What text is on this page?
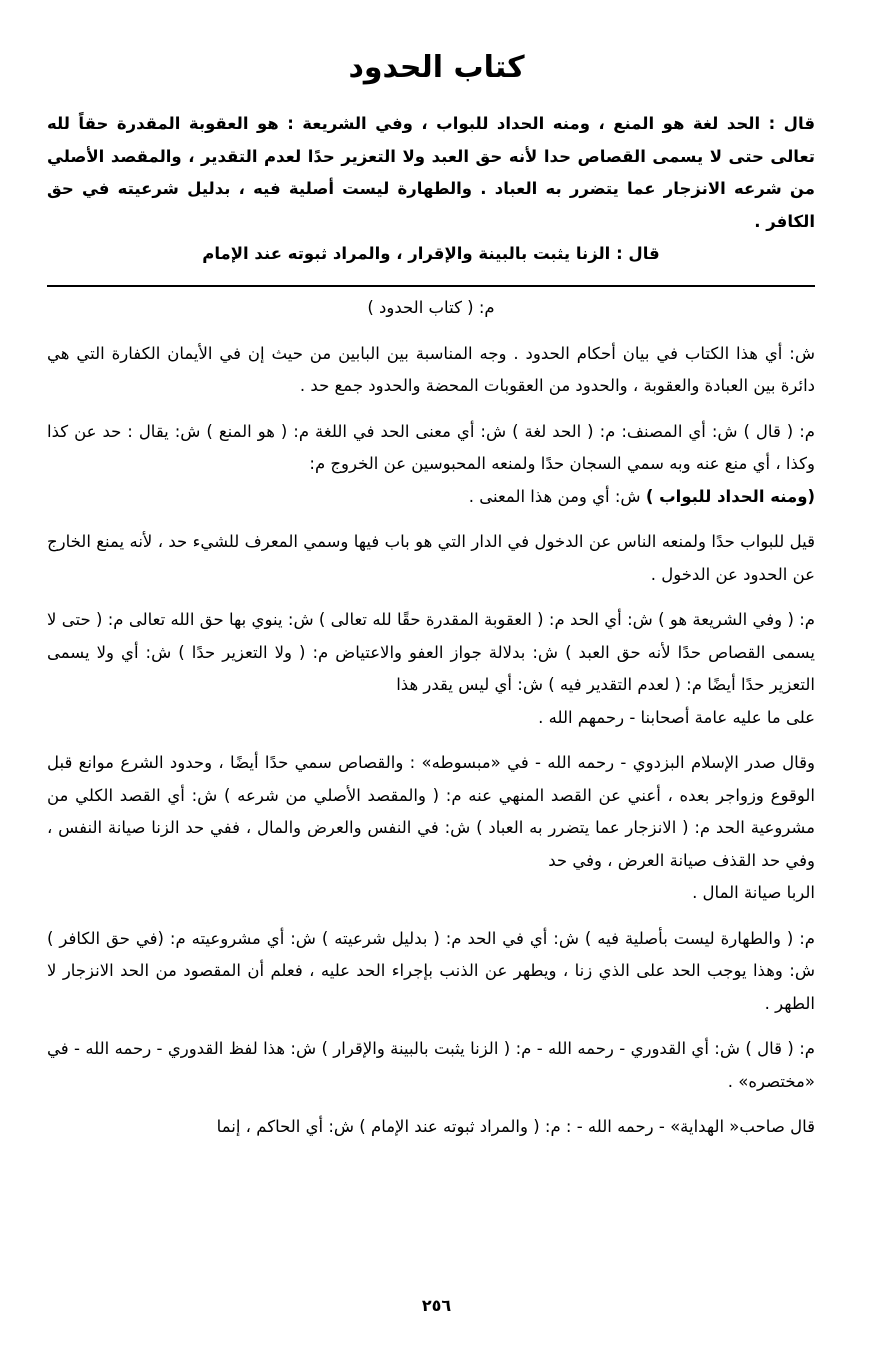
كتاب الحدود
قال : الحد لغة هو المنع ، ومنه الحداد للبواب ، وفي الشريعة : هو العقوبة المقدرة حقاً لله تعالى حتى لا يسمى القصاص حدا لأنه حق العبد ولا التعزير حدًا لعدم التقدير ، والمقصد الأصلي من شرعه الانزجار عما يتضرر به العباد . والطهارة ليست أصلية فيه ، بدليل شرعيته في حق الكافر .
قال : الزنا يثبت بالبينة والإقرار ، والمراد ثبوته عند الإمام

م: ( كتاب الحدود )

ش: أي هذا الكتاب في بيان أحكام الحدود . وجه المناسبة بين البابين من حيث إن في الأيمان الكفارة التي هي دائرة بين العبادة والعقوبة ، والحدود من العقوبات المحضة والحدود جمع حد .

م: ( قال ) ش: أي المصنف: م: ( الحد لغة ) ش: أي معنى الحد في اللغة م: ( هو المنع ) ش: يقال : حد عن كذا وكذا ، أي منع عنه وبه سمي السجان حدًا ولمنعه المحبوسين عن الخروج م:
(ومنه الحداد للبواب ) ش: أي ومن هذا المعنى .

قيل للبواب حدًا ولمنعه الناس عن الدخول في الدار التي هو باب فيها وسمي المعرف للشيء حد ، لأنه يمنع الخارج عن الحدود عن الدخول .

م: ( وفي الشريعة هو ) ش: أي الحد م: ( العقوبة المقدرة حقًا لله تعالى ) ش: ينوي بها حق الله تعالى م: ( حتى لا يسمى القصاص حدًا لأنه حق العبد ) ش: بدلالة جواز العفو والاعتياض م: ( ولا التعزير حدًا ) ش: أي ولا يسمى التعزير حدًا أيضًا م: ( لعدم التقدير فيه ) ش: أي ليس يقدر هذا
على ما عليه عامة أصحابنا - رحمهم الله .

وقال صدر الإسلام البزدوي - رحمه الله - في «مبسوطه» : والقصاص سمي حدًا أيضًا ، وحدود الشرع موانع قبل الوقوع وزواجر بعده ، أعني عن القصد المنهي عنه م: ( والمقصد الأصلي من شرعه ) ش: أي القصد الكلي من مشروعية الحد م: ( الانزجار عما يتضرر به العباد ) ش: في النفس والعرض والمال ، ففي حد الزنا صيانة النفس ، وفي حد القذف صيانة العرض ، وفي حد
الربا صيانة المال .

م: ( والطهارة ليست بأصلية فيه ) ش: أي في الحد م: ( بدليل شرعيته ) ش: أي مشروعيته م: (في حق الكافر ) ش: وهذا يوجب الحد على الذي زنا ، ويطهر عن الذنب بإجراء الحد عليه ، فعلم أن المقصود من الحد الانزجار لا الطهر .

م: ( قال ) ش: أي القدوري - رحمه الله - م: ( الزنا يثبت بالبينة والإقرار ) ش: هذا لفظ القدوري - رحمه الله - في «مختصره» .

قال صاحب« الهداية» - رحمه الله - : م: ( والمراد ثبوته عند الإمام ) ش: أي الحاكم ، إنما

٢٥٦
